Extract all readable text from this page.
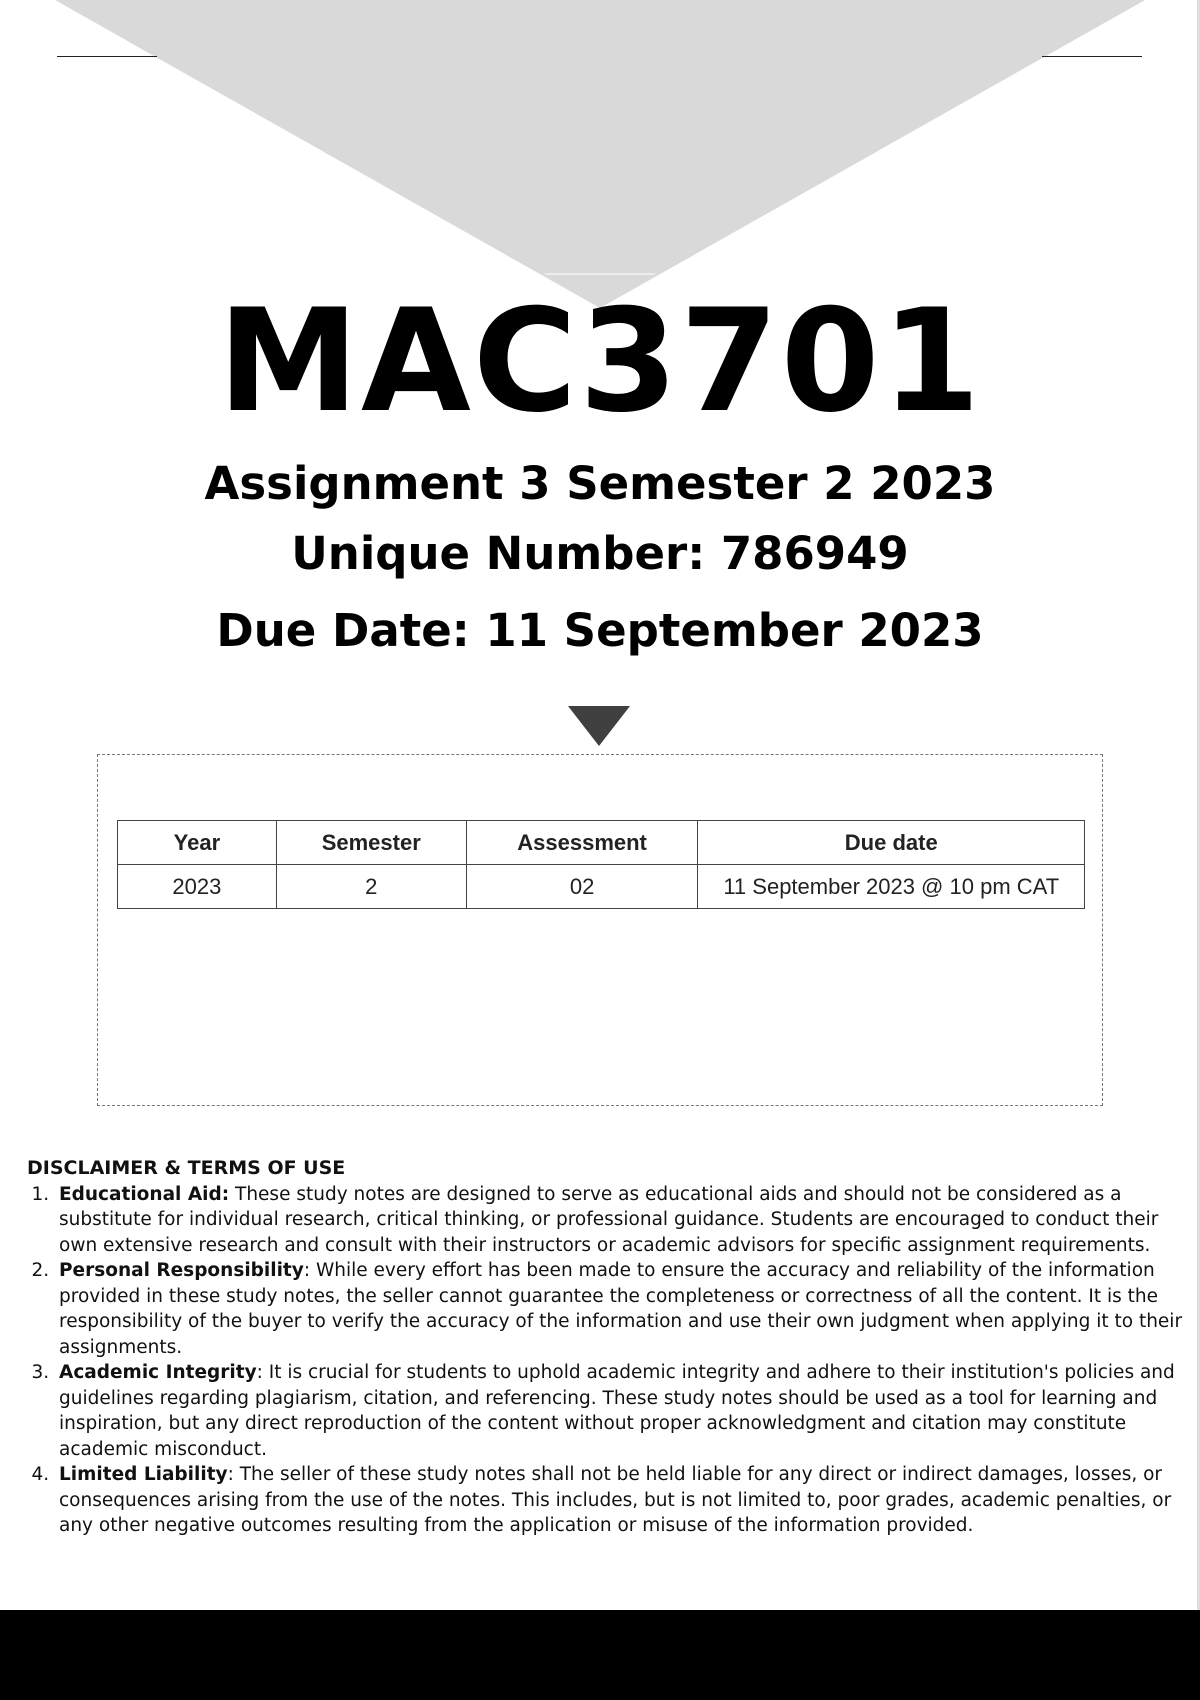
MAC3701
Assignment 3 Semester 2 2023
Unique Number: 786949
Due Date: 11 September 2023
Year	Semester	Assessment	Due date
2023	2	02	11 September 2023 @ 10 pm CAT
DISCLAIMER & TERMS OF USE
1. Educational Aid: These study notes are designed to serve as educational aids and should not be considered as a substitute for individual research, critical thinking, or professional guidance. Students are encouraged to conduct their own extensive research and consult with their instructors or academic advisors for specific assignment requirements.
2. Personal Responsibility: While every effort has been made to ensure the accuracy and reliability of the information provided in these study notes, the seller cannot guarantee the completeness or correctness of all the content. It is the responsibility of the buyer to verify the accuracy of the information and use their own judgment when applying it to their assignments.
3. Academic Integrity: It is crucial for students to uphold academic integrity and adhere to their institution's policies and guidelines regarding plagiarism, citation, and referencing. These study notes should be used as a tool for learning and inspiration, but any direct reproduction of the content without proper acknowledgment and citation may constitute academic misconduct.
4. Limited Liability: The seller of these study notes shall not be held liable for any direct or indirect damages, losses, or consequences arising from the use of the notes. This includes, but is not limited to, poor grades, academic penalties, or any other negative outcomes resulting from the application or misuse of the information provided.
